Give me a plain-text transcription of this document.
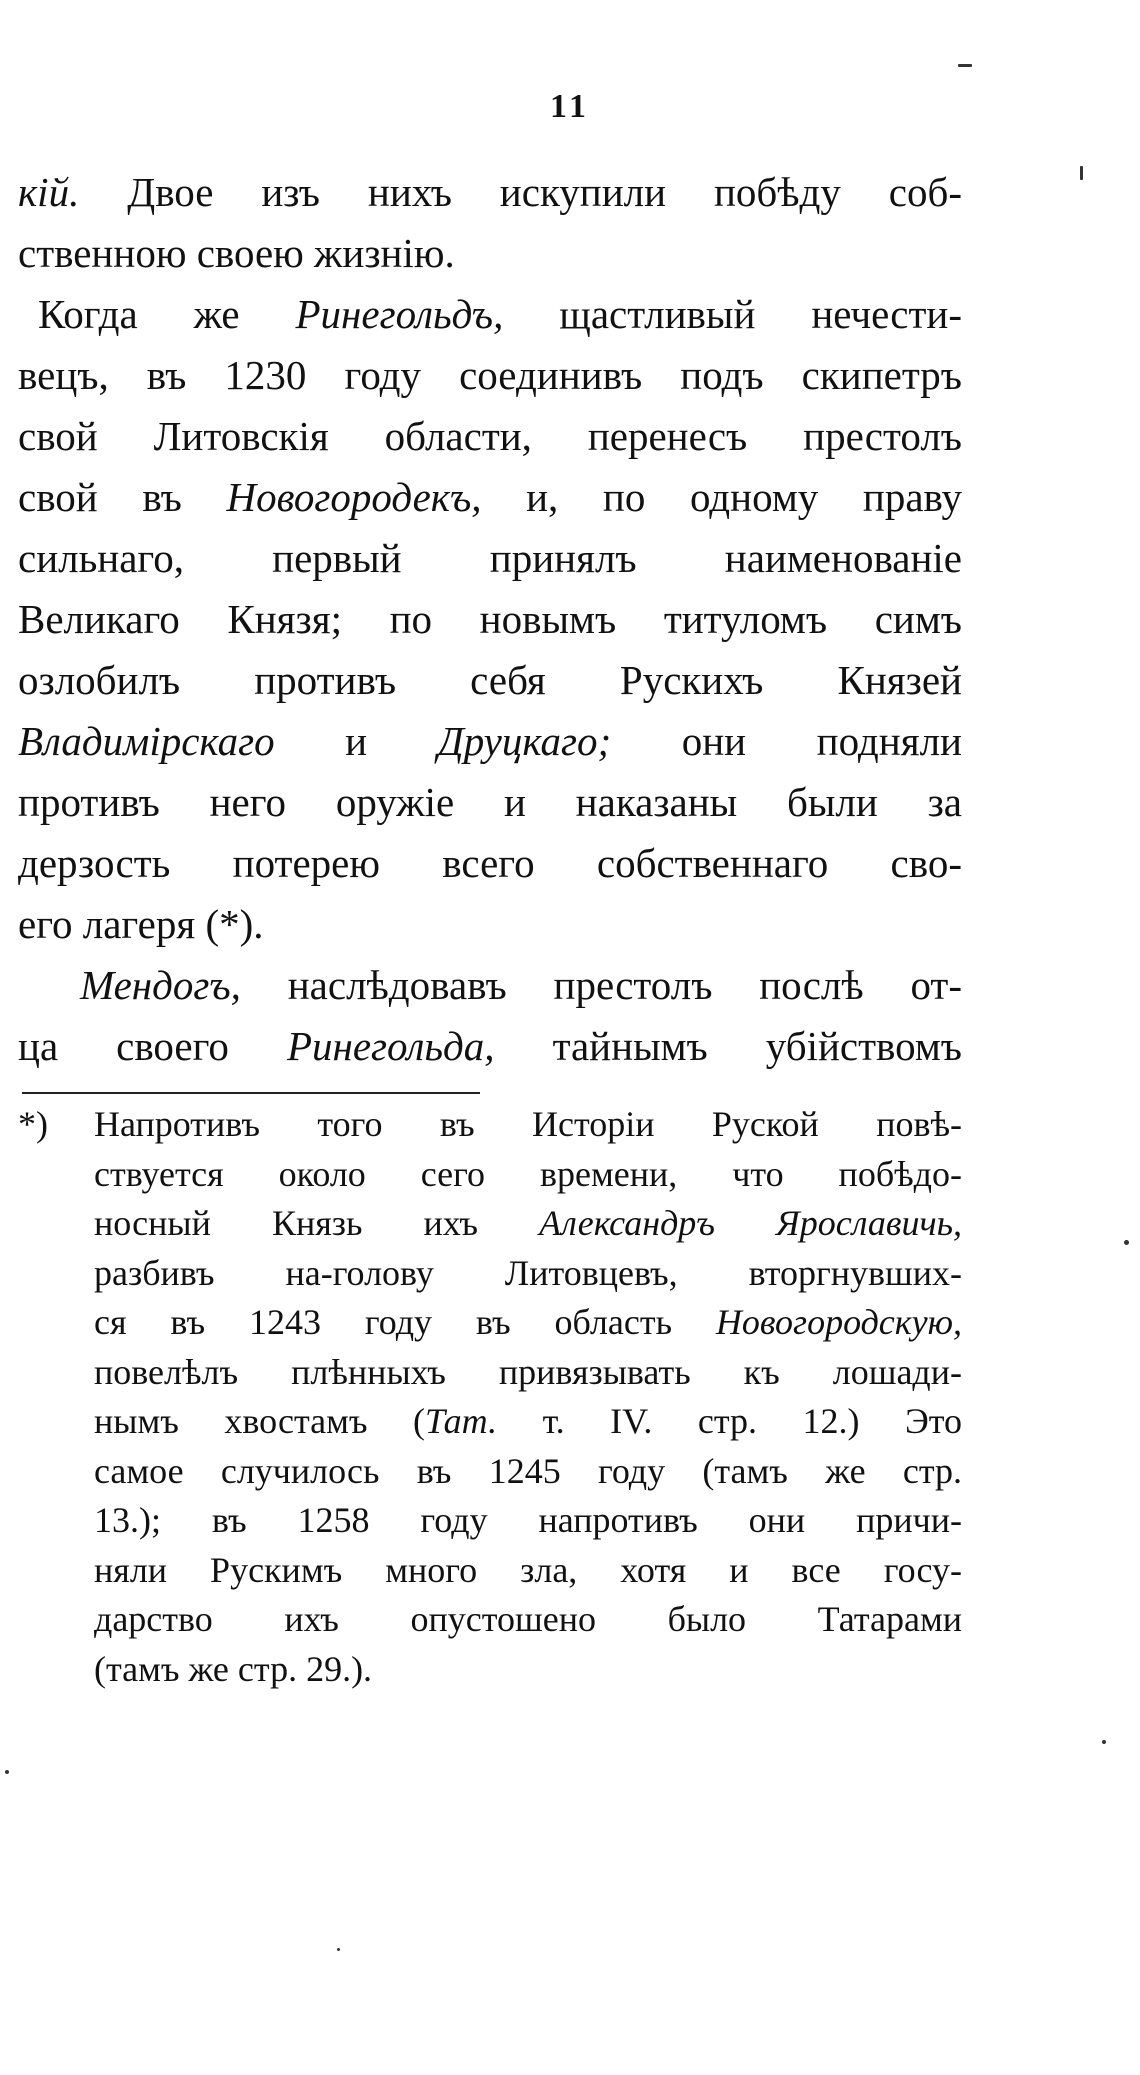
11
кій. Двое изъ нихъ искупили побѣду соб-
ственною своею жизнію.
Когда же Ринегольдъ, щастливый нечести-
вецъ, въ 1230 году соединивъ подъ скипетръ
свой Литовскія области, перенесъ престолъ
свой въ Новогородекъ, и, по одному праву
сильнаго, первый принялъ наименованіе
Великаго Князя; по новымъ титуломъ симъ
озлобилъ противъ себя Рускихъ Князей
Владимірскаго и Друцкаго; они подняли
противъ него оружіе и наказаны были за
дерзость потерею всего собственнаго сво-
его лагеря (*).
Мендогъ, наслѣдовавъ престолъ послѣ от-
ца своего Ринегольда, тайнымъ убійствомъ
*)	Напротивъ того въ Исторіи Руской повѣ-
ствуется около сего времени, что побѣдо-
носный Князь ихъ Александръ Ярославичь,
разбивъ на-голову Литовцевъ, вторгнувших-
ся въ 1243 году въ область Новогородскую,
повелѣлъ плѣнныхъ привязывать къ лошади-
нымъ хвостамъ (Тат. т. IV. стр. 12.) Это
самое случилось въ 1245 году (тамъ же стр.
13.); въ 1258 году напротивъ они причи-
няли Рускимъ много зла, хотя и все госу-
дарство ихъ опустошено было Татарами
(тамъ же стр. 29.).
